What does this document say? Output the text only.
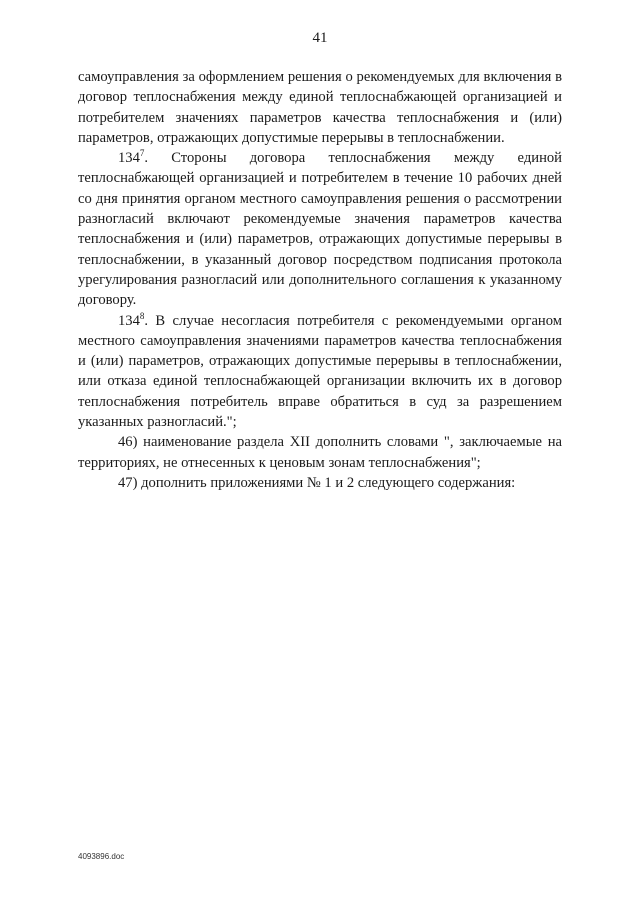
41

самоуправления за оформлением решения о рекомендуемых для включения в договор теплоснабжения между единой теплоснабжающей организацией и потребителем значениях параметров качества теплоснабжения и (или) параметров, отражающих допустимые перерывы в теплоснабжении.

$134^7$. Стороны договора теплоснабжения между единой теплоснабжающей организацией и потребителем в течение 10 рабочих дней со дня принятия органом местного самоуправления решения о рассмотрении разногласий включают рекомендуемые значения параметров качества теплоснабжения и (или) параметров, отражающих допустимые перерывы в теплоснабжении, в указанный договор посредством подписания протокола урегулирования разногласий или дополнительного соглашения к указанному договору.

$134^8$. В случае несогласия потребителя с рекомендуемыми органом местного самоуправления значениями параметров качества теплоснабжения и (или) параметров, отражающих допустимые перерывы в теплоснабжении, или отказа единой теплоснабжающей организации включить их в договор теплоснабжения потребитель вправе обратиться в суд за разрешением указанных разногласий.";

46) наименование раздела XII дополнить словами ", заключаемые на территориях, не отнесенных к ценовым зонам теплоснабжения";

47) дополнить приложениями № 1 и 2 следующего содержания:

4093896.doc
